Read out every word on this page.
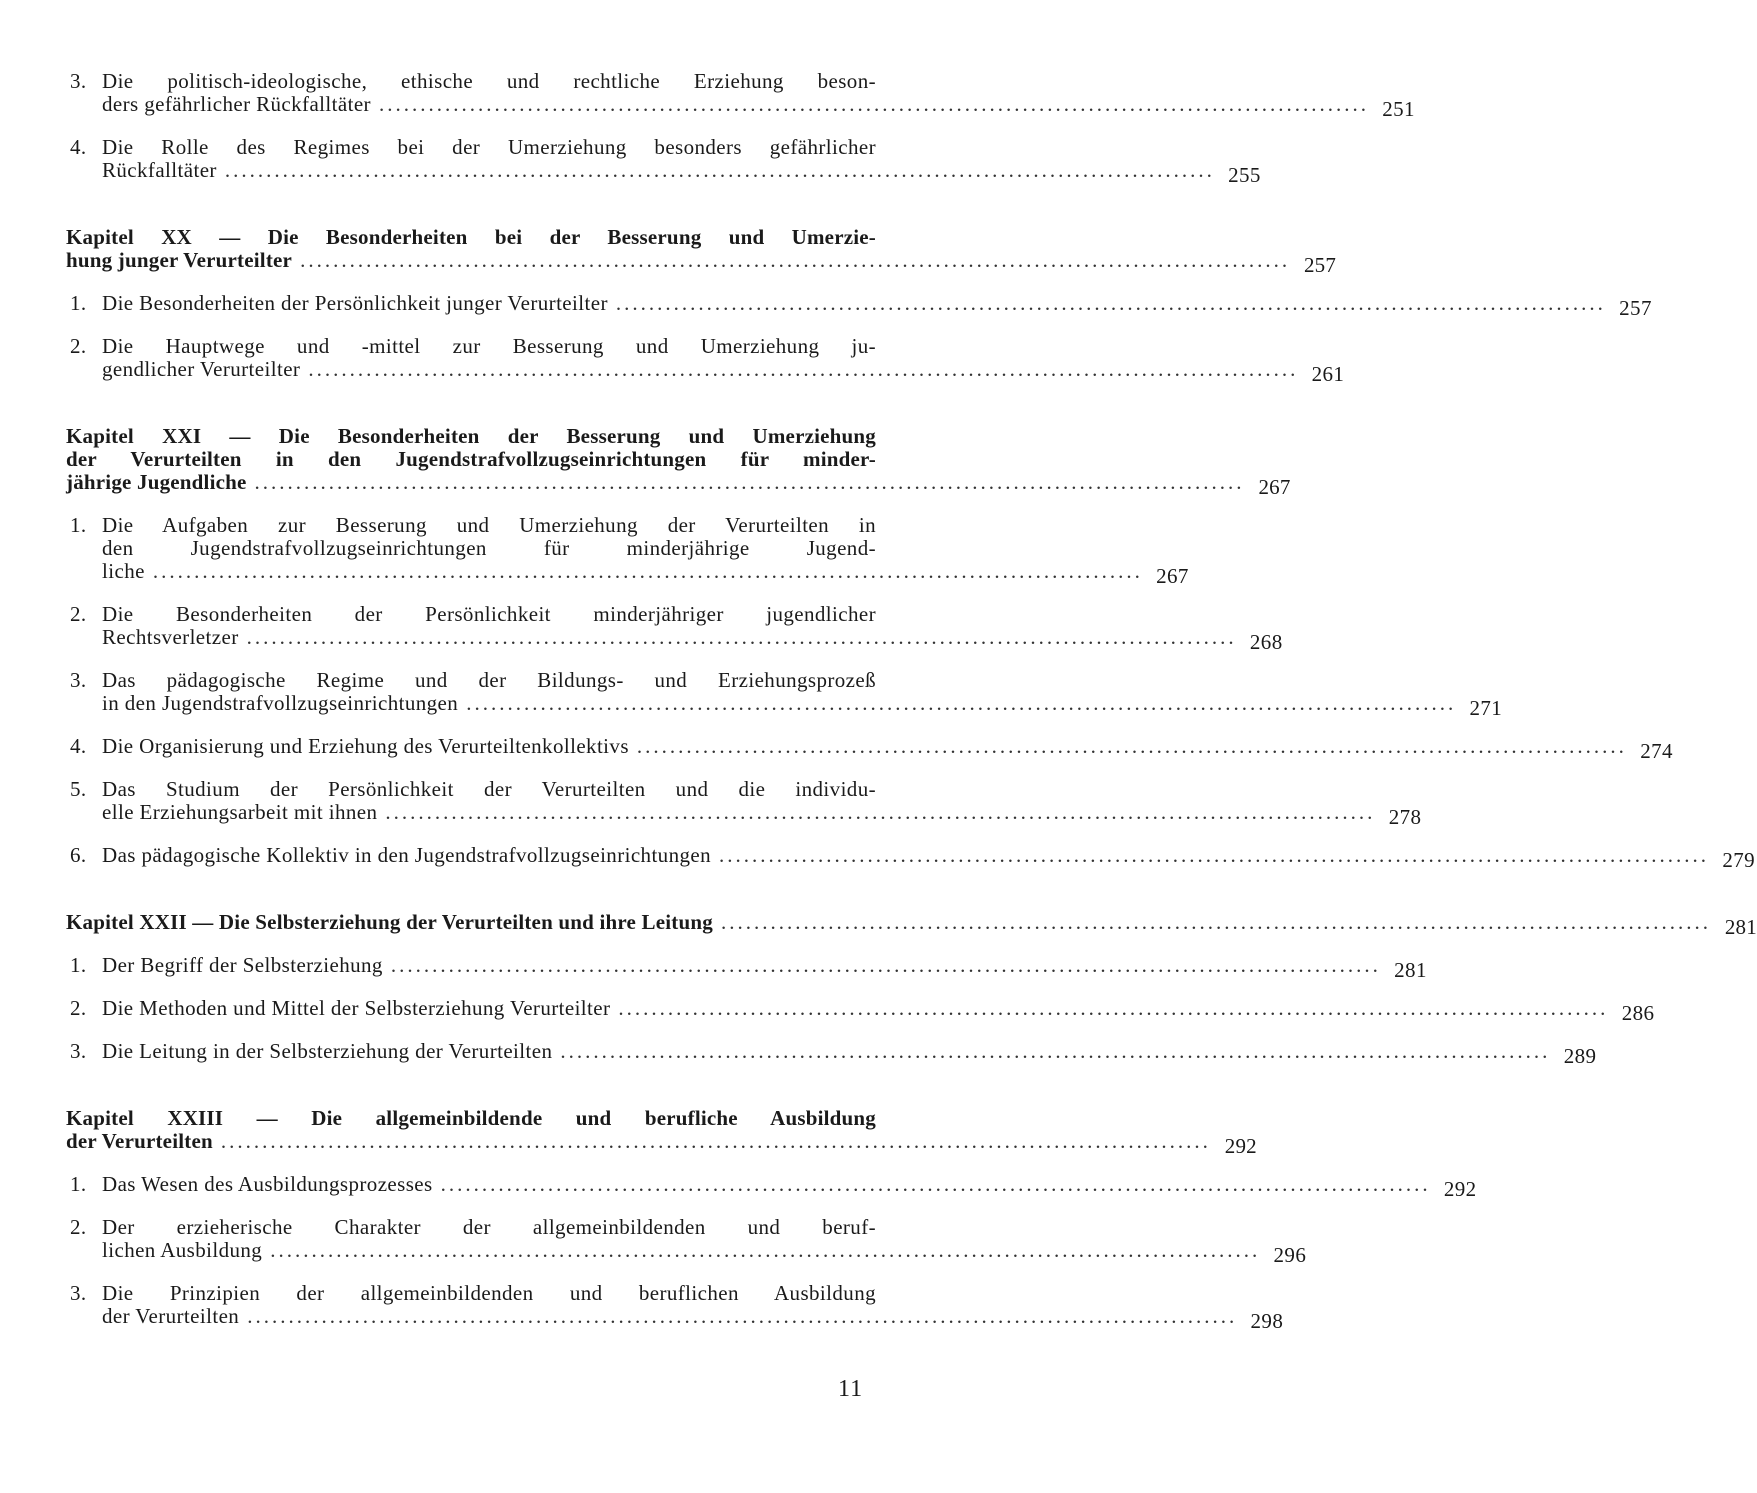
3. Die politisch-ideologische, ethische und rechtliche Erziehung beson-
ders gefährlicher Rückfalltäter ........................................................................................................................ 251
4. Die Rolle des Regimes bei der Umerziehung besonders gefährlicher
Rückfalltäter ........................................................................................................................ 255
Kapitel XX — Die Besonderheiten bei der Besserung und Umerzie-
hung junger Verurteilter ........................................................................................................................ 257
1. Die Besonderheiten der Persönlichkeit junger Verurteilter ........................................................................................................................ 257
2. Die Hauptwege und -mittel zur Besserung und Umerziehung ju-
gendlicher Verurteilter ........................................................................................................................ 261
Kapitel XXI — Die Besonderheiten der Besserung und Umerziehung
der Verurteilten in den Jugendstrafvollzugseinrichtungen für minder-
jährige Jugendliche ........................................................................................................................ 267
1. Die Aufgaben zur Besserung und Umerziehung der Verurteilten in
den Jugendstrafvollzugseinrichtungen für minderjährige Jugend-
liche ........................................................................................................................ 267
2. Die Besonderheiten der Persönlichkeit minderjähriger jugendlicher
Rechtsverletzer ........................................................................................................................ 268
3. Das pädagogische Regime und der Bildungs- und Erziehungsprozeß
in den Jugendstrafvollzugseinrichtungen ........................................................................................................................ 271
4. Die Organisierung und Erziehung des Verurteiltenkollektivs ........................................................................................................................ 274
5. Das Studium der Persönlichkeit der Verurteilten und die individu-
elle Erziehungsarbeit mit ihnen ........................................................................................................................ 278
6. Das pädagogische Kollektiv in den Jugendstrafvollzugseinrichtungen ........................................................................................................................ 279
Kapitel XXII — Die Selbsterziehung der Verurteilten und ihre Leitung ........................................................................................................................ 281
1. Der Begriff der Selbsterziehung ........................................................................................................................ 281
2. Die Methoden und Mittel der Selbsterziehung Verurteilter ........................................................................................................................ 286
3. Die Leitung in der Selbsterziehung der Verurteilten ........................................................................................................................ 289
Kapitel XXIII — Die allgemeinbildende und berufliche Ausbildung
der Verurteilten ........................................................................................................................ 292
1. Das Wesen des Ausbildungsprozesses ........................................................................................................................ 292
2. Der erzieherische Charakter der allgemeinbildenden und beruf-
lichen Ausbildung ........................................................................................................................ 296
3. Die Prinzipien der allgemeinbildenden und beruflichen Ausbildung
der Verurteilten ........................................................................................................................ 298
11
